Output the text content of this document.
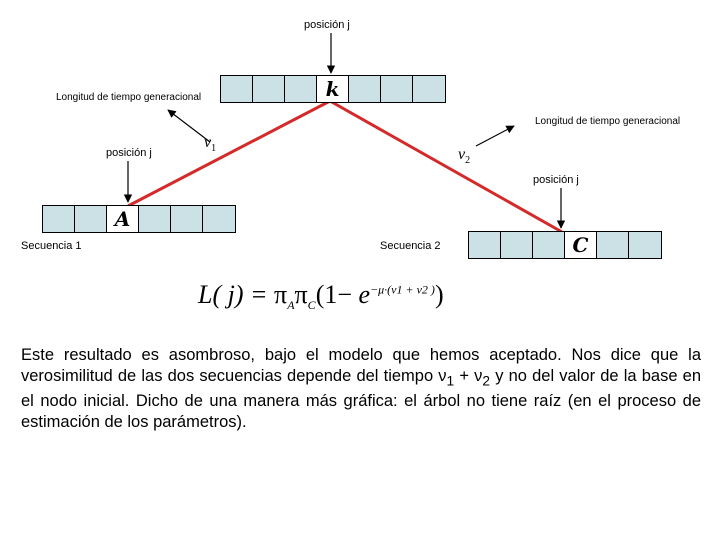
posición j
Longitud de tiempo generacional
Longitud de tiempo generacional
posición j
posición j
Secuencia 1	Secuencia 2
$v_1$	$v_2$
k
A
C
L( $j) = \pi_A\pi_C(1- e^{-\mu\cdot(v1 + v2 )})$
Este resultado es asombroso, bajo el modelo que hemos aceptado. Nos dice que la verosimilitud de las dos secuencias depende del tiempo $\nu_1 + \nu_2$ y no del valor de la base en el nodo inicial. Dicho de una manera más gráfica: el árbol no tiene raíz (en el proceso de estimación de los parámetros).
